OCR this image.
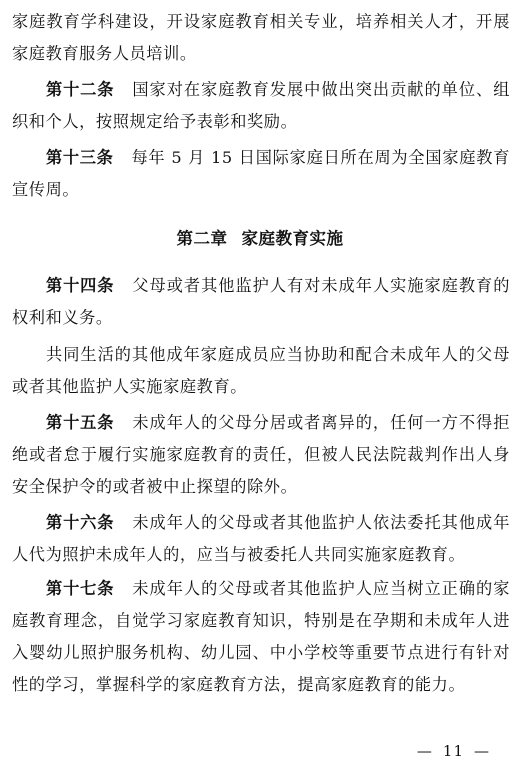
家庭教育学科建设，开设家庭教育相关专业，培养相关人才，开展家庭教育服务人员培训。

第十二条 国家对在家庭教育发展中做出突出贡献的单位、组织和个人，按照规定给予表彰和奖励。

第十三条 每年 5 月 15 日国际家庭日所在周为全国家庭教育宣传周。

第二章 家庭教育实施

第十四条 父母或者其他监护人有对未成年人实施家庭教育的权利和义务。

共同生活的其他成年家庭成员应当协助和配合未成年人的父母或者其他监护人实施家庭教育。

第十五条 未成年人的父母分居或者离异的，任何一方不得拒绝或者怠于履行实施家庭教育的责任，但被人民法院裁判作出人身安全保护令的或者被中止探望的除外。

第十六条 未成年人的父母或者其他监护人依法委托其他成年人代为照护未成年人的，应当与被委托人共同实施家庭教育。

第十七条 未成年人的父母或者其他监护人应当树立正确的家庭教育理念，自觉学习家庭教育知识，特别是在孕期和未成年人进入婴幼儿照护服务机构、幼儿园、中小学校等重要节点进行有针对性的学习，掌握科学的家庭教育方法，提高家庭教育的能力。

— 11 —
